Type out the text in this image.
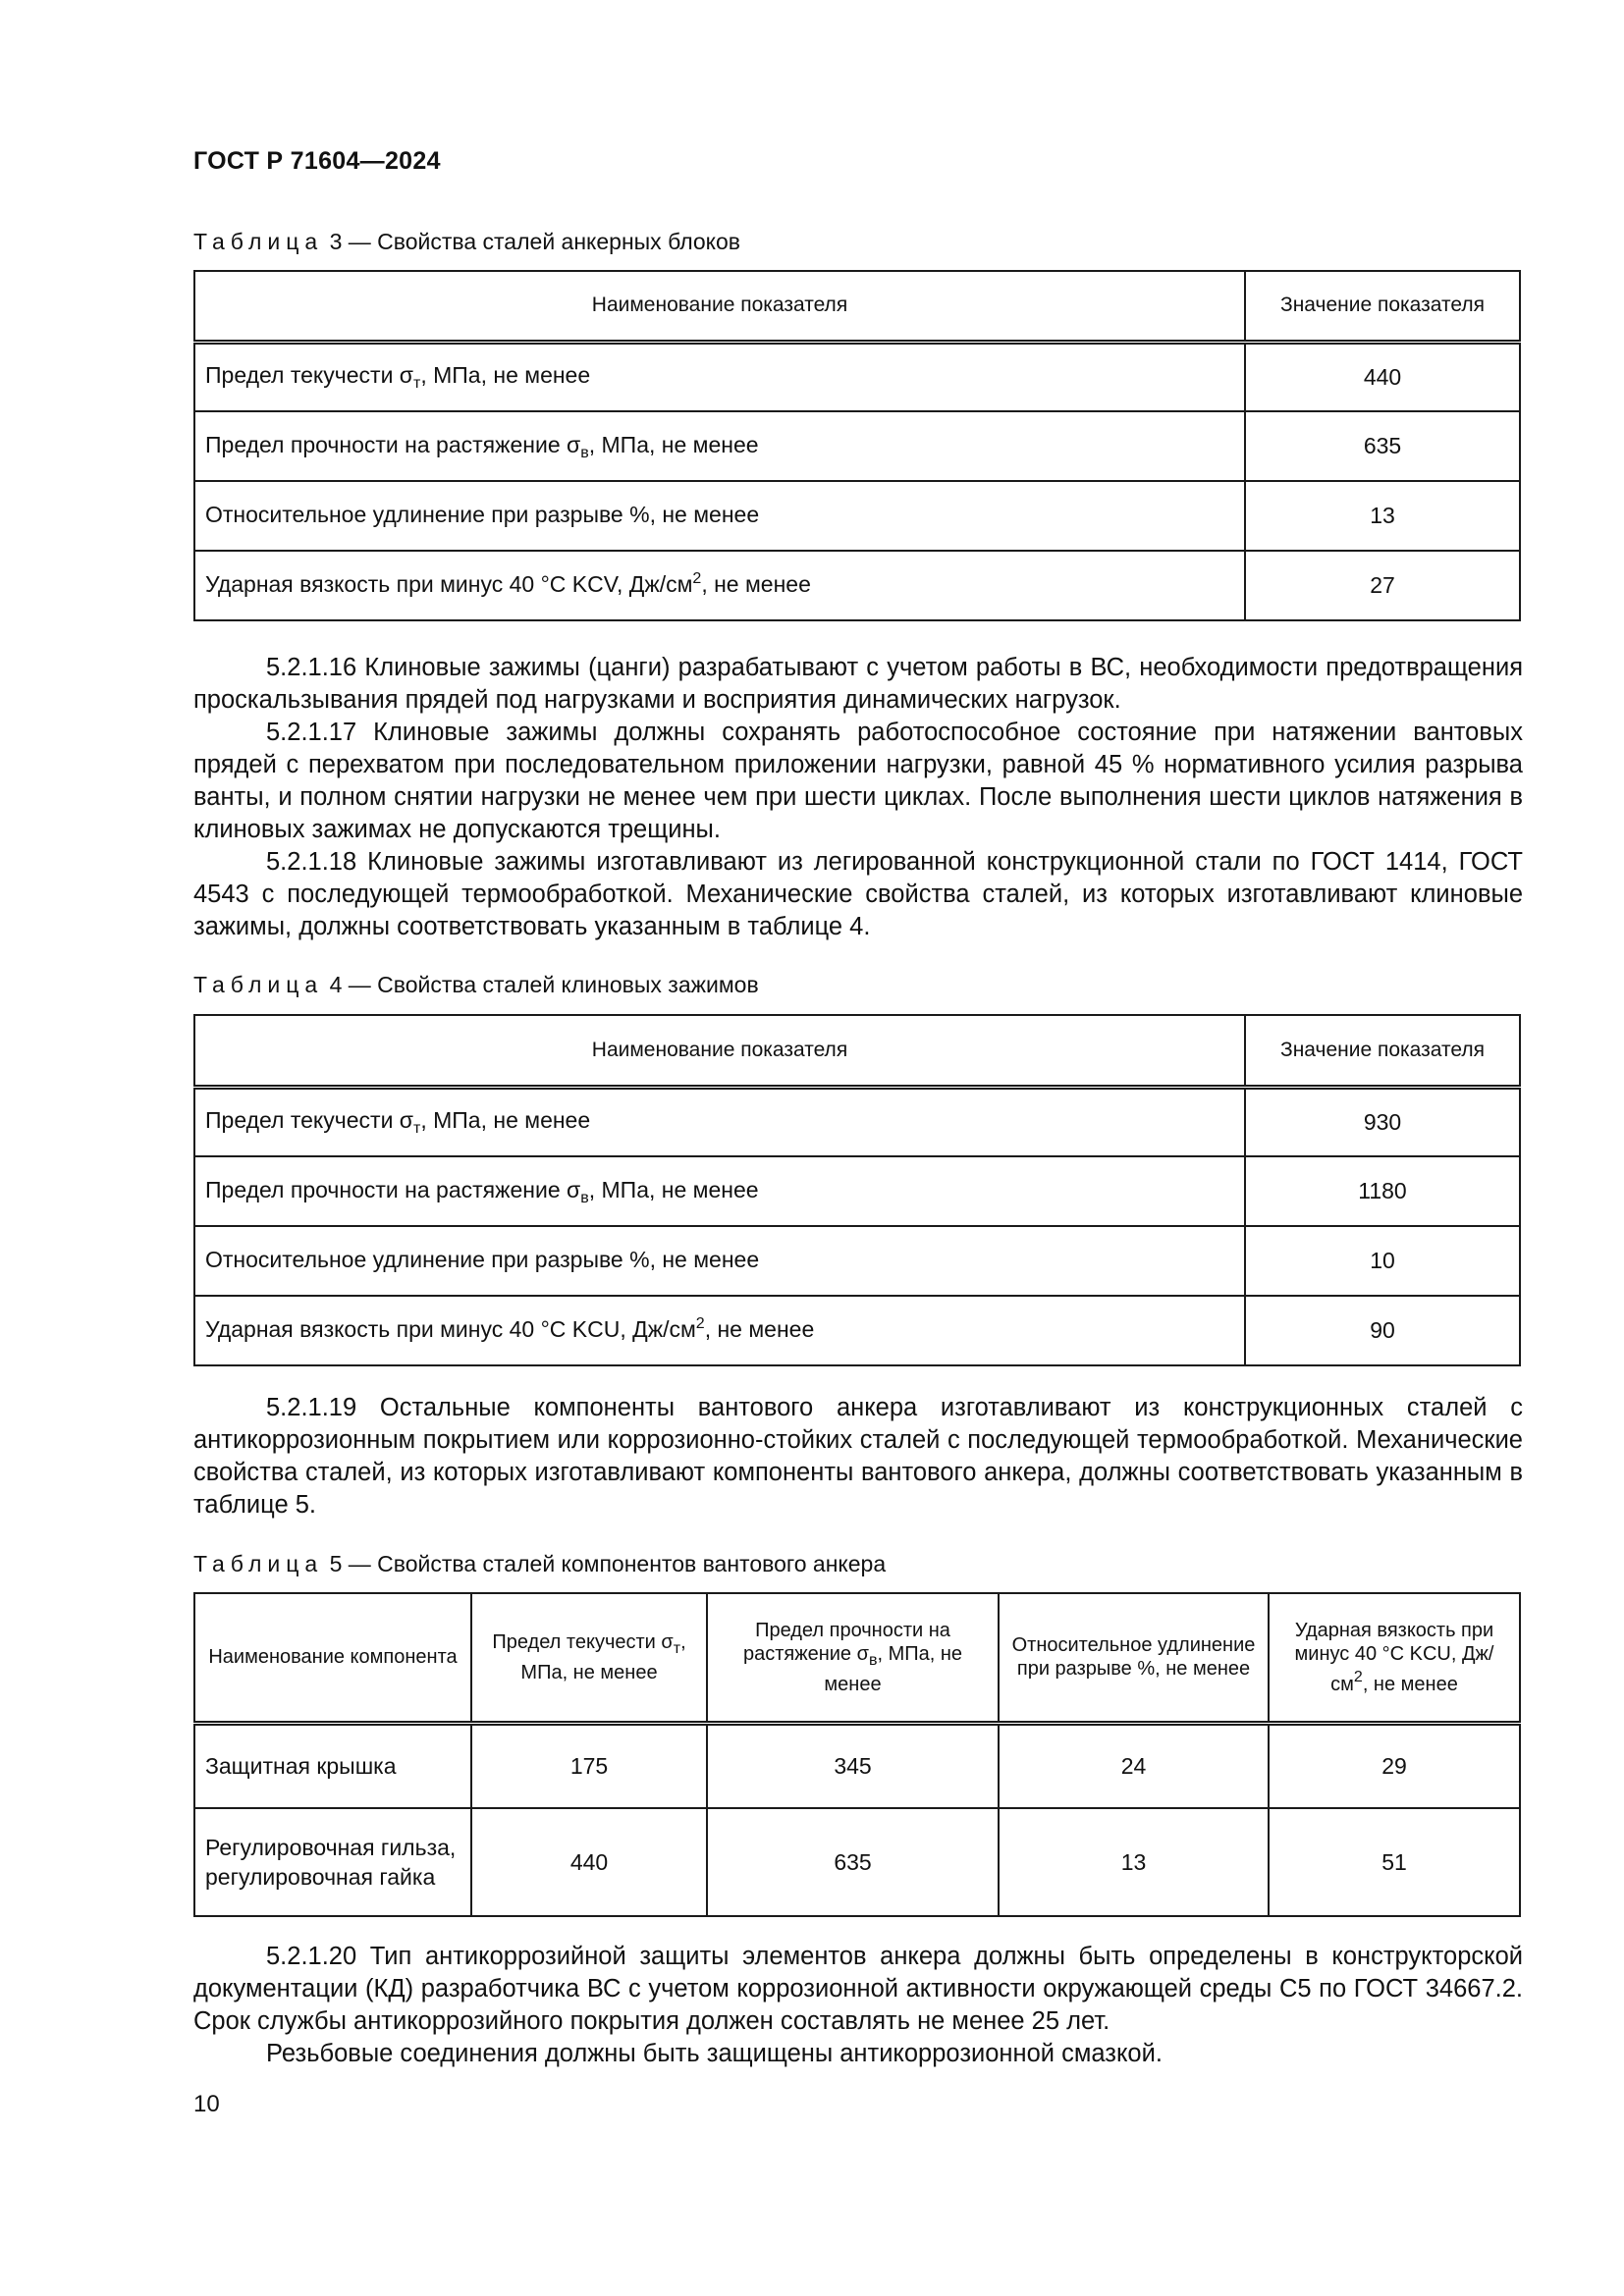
ГОСТ Р 71604—2024
Таблица 3 — Свойства сталей анкерных блоков
Наименование показателя	Значение показателя
Предел текучести $\sigma_т$, МПа, не менее	440
Предел прочности на растяжение $\sigma_в$, МПа, не менее	635
Относительное удлинение при разрыве %, не менее	13
Ударная вязкость при минус 40 °C KCV, $Дж/см^2$, не менее	27

5.2.1.16 Клиновые зажимы (цанги) разрабатывают с учетом работы в ВС, необходимости предотвращения проскальзывания прядей под нагрузками и восприятия динамических нагрузок.

5.2.1.17 Клиновые зажимы должны сохранять работоспособное состояние при натяжении вантовых прядей с перехватом при последовательном приложении нагрузки, равной 45 % нормативного усилия разрыва ванты, и полном снятии нагрузки не менее чем при шести циклах. После выполнения шести циклов натяжения в клиновых зажимах не допускаются трещины.

5.2.1.18 Клиновые зажимы изготавливают из легированной конструкционной стали по ГОСТ 1414, ГОСТ 4543 с последующей термообработкой. Механические свойства сталей, из которых изготавливают клиновые зажимы, должны соответствовать указанным в таблице 4.

Таблица 4 — Свойства сталей клиновых зажимов
Наименование показателя	Значение показателя
Предел текучести $\sigma_т$, МПа, не менее	930
Предел прочности на растяжение $\sigma_в$, МПа, не менее	1180
Относительное удлинение при разрыве %, не менее	10
Ударная вязкость при минус 40 °C KCU, $Дж/см^2$, не менее	90

5.2.1.19 Остальные компоненты вантового анкера изготавливают из конструкционных сталей с антикоррозионным покрытием или коррозионно-стойких сталей с последующей термообработкой. Механические свойства сталей, из которых изготавливают компоненты вантового анкера, должны соответствовать указанным в таблице 5.

Таблица 5 — Свойства сталей компонентов вантового анкера
Наименование компонента	Предел текучести $\sigma_т$, МПа, не менее	Предел прочности на растяжение $\sigma_в$, МПа, не менее	Относительное удлинение при разрыве %, не менее	Ударная вязкость при минус 40 °С KCU, $Дж/см^2$, не менее
Защитная крышка	175	345	24	29
Регулировочная гильза, регулировочная гайка	440	635	13	51

5.2.1.20 Тип антикоррозийной защиты элементов анкера должны быть определены в конструкторской документации (КД) разработчика ВС с учетом коррозионной активности окружающей среды С5 по ГОСТ 34667.2. Срок службы антикоррозийного покрытия должен составлять не менее 25 лет.

Резьбовые соединения должны быть защищены антикоррозионной смазкой.

10
